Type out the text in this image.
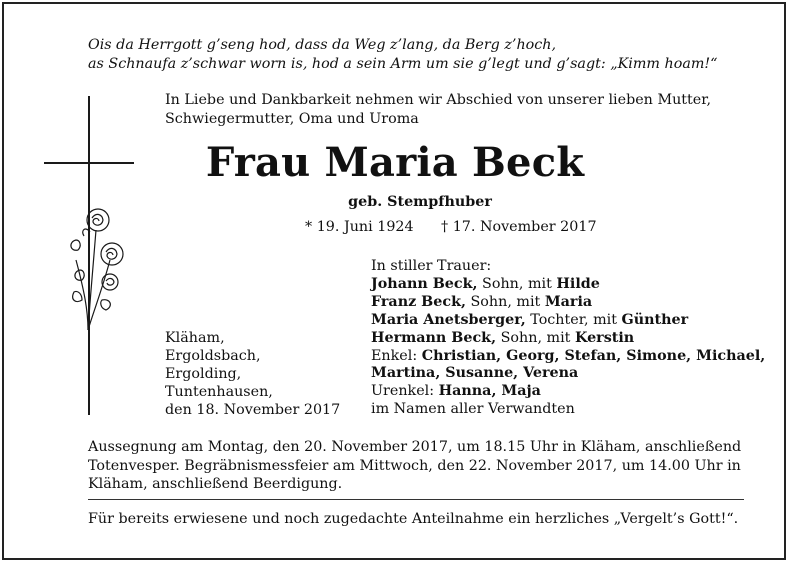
Ois da Herrgott g’seng hod, dass da Weg z’lang, da Berg z’hoch,
as Schnaufa z’schwar worn is, hod a sein Arm um sie g’legt und g’sagt: „Kimm hoam!“
In Liebe und Dankbarkeit nehmen wir Abschied von unserer lieben Mutter,
Schwiegermutter, Oma und Uroma
Frau Maria Beck
geb. Stempfhuber
* 19. Juni 1924 † 17. November 2017
In stiller Trauer:
Johann Beck, Sohn, mit Hilde
Franz Beck, Sohn, mit Maria
Maria Anetsberger, Tochter, mit Günther
Hermann Beck, Sohn, mit Kerstin
Enkel: Christian, Georg, Stefan, Simone, Michael,
Martina, Susanne, Verena
Urenkel: Hanna, Maja
im Namen aller Verwandten
Kläham,
Ergoldsbach,
Ergolding,
Tuntenhausen,
den 18. November 2017
Aussegnung am Montag, den 20. November 2017, um 18.15 Uhr in Kläham, anschließend
Totenvesper. Begräbnismessfeier am Mittwoch, den 22. November 2017, um 14.00 Uhr in
Kläham, anschließend Beerdigung.
Für bereits erwiesene und noch zugedachte Anteilnahme ein herzliches „Vergelt’s Gott!“.
